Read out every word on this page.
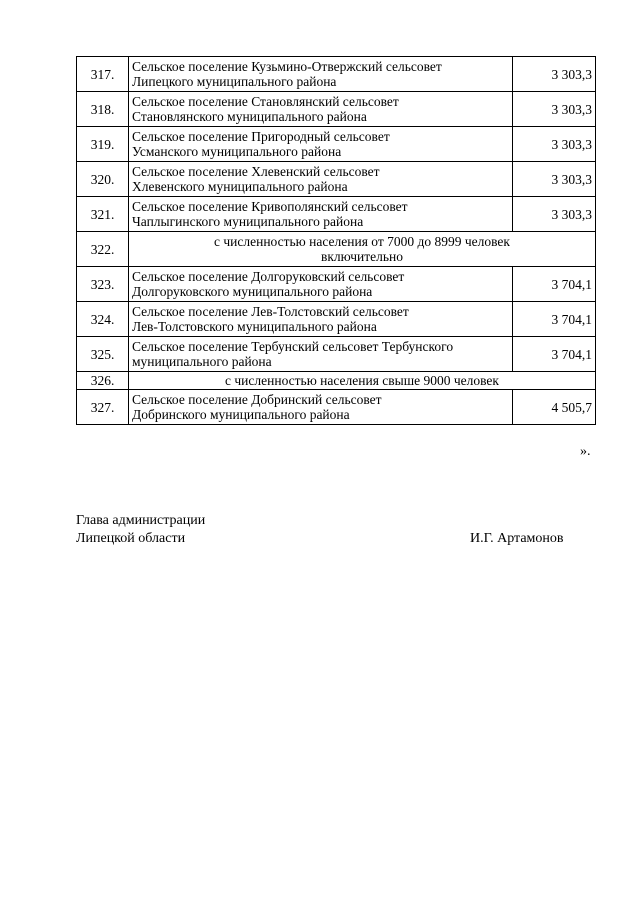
317.	Сельское поселение Кузьмино-Отвержский сельсовет
Липецкого муниципального района	3 303,3
318.	Сельское поселение Становлянский сельсовет
Становлянского муниципального района	3 303,3
319.	Сельское поселение Пригородный сельсовет
Усманского муниципального района	3 303,3
320.	Сельское поселение Хлевенский сельсовет
Хлевенского муниципального района	3 303,3
321.	Сельское поселение Кривополянский сельсовет
Чаплыгинского муниципального района	3 303,3
322.	с численностью населения от 7000 до 8999 человек
включительно	

323.	Сельское поселение Долгоруковский сельсовет
Долгоруковского муниципального района	3 704,1
324.	Сельское поселение Лев-Толстовский сельсовет
Лев-Толстовского муниципального района	3 704,1
325.	Сельское поселение Тербунский сельсовет Тербунского
муниципального района	3 704,1
326.	с численностью населения свыше 9000 человек	

327.	Сельское поселение Добринский сельсовет
Добринского муниципального района	4 505,7
».
Глава администрации
Липецкой области	И.Г. Артамонов
